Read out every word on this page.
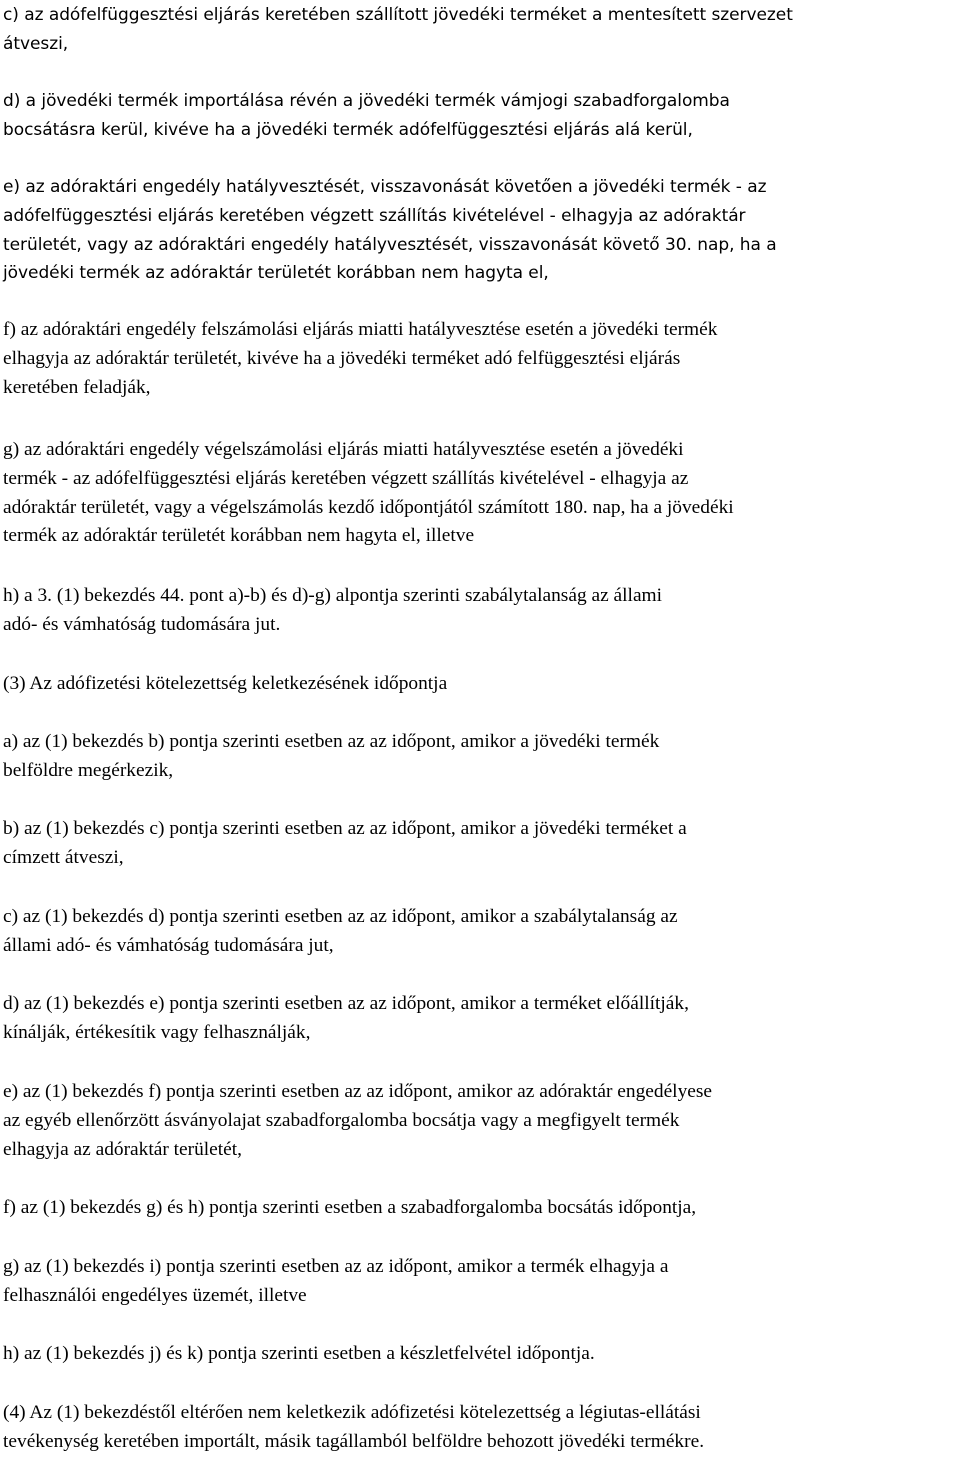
c) az adófelfüggesztési eljárás keretében szállított jövedéki terméket a mentesített szervezet
átveszi,
d) a jövedéki termék importálása révén a jövedéki termék vámjogi szabadforgalomba
bocsátásra kerül, kivéve ha a jövedéki termék adófelfüggesztési eljárás alá kerül,
e) az adóraktári engedély hatályvesztését, visszavonását követően a jövedéki termék - az
adófelfüggesztési eljárás keretében végzett szállítás kivételével - elhagyja az adóraktár
területét, vagy az adóraktári engedély hatályvesztését, visszavonását követő 30. nap, ha a
jövedéki termék az adóraktár területét korábban nem hagyta el,
f) az adóraktári engedély felszámolási eljárás miatti hatályvesztése esetén a jövedéki termék
elhagyja az adóraktár területét, kivéve ha a jövedéki terméket adó felfüggesztési eljárás
keretében feladják,
g) az adóraktári engedély végelszámolási eljárás miatti hatályvesztése esetén a jövedéki
termék - az adófelfüggesztési eljárás keretében végzett szállítás kivételével - elhagyja az
adóraktár területét, vagy a végelszámolás kezdő időpontjától számított 180. nap, ha a jövedéki
termék az adóraktár területét korábban nem hagyta el, illetve
h) a 3. (1) bekezdés 44. pont a)-b) és d)-g) alpontja szerinti szabálytalanság az állami
adó- és vámhatóság tudomására jut.
(3) Az adófizetési kötelezettség keletkezésének időpontja
a) az (1) bekezdés b) pontja szerinti esetben az az időpont, amikor a jövedéki termék
belföldre megérkezik,
b) az (1) bekezdés c) pontja szerinti esetben az az időpont, amikor a jövedéki terméket a
címzett átveszi,
c) az (1) bekezdés d) pontja szerinti esetben az az időpont, amikor a szabálytalanság az
állami adó- és vámhatóság tudomására jut,
d) az (1) bekezdés e) pontja szerinti esetben az az időpont, amikor a terméket előállítják,
kínálják, értékesítik vagy felhasználják,
e) az (1) bekezdés f) pontja szerinti esetben az az időpont, amikor az adóraktár engedélyese
az egyéb ellenőrzött ásványolajat szabadforgalomba bocsátja vagy a megfigyelt termék
elhagyja az adóraktár területét,
f) az (1) bekezdés g) és h) pontja szerinti esetben a szabadforgalomba bocsátás időpontja,
g) az (1) bekezdés i) pontja szerinti esetben az az időpont, amikor a termék elhagyja a
felhasználói engedélyes üzemét, illetve
h) az (1) bekezdés j) és k) pontja szerinti esetben a készletfelvétel időpontja.
(4) Az (1) bekezdéstől eltérően nem keletkezik adófizetési kötelezettség a légiutas-ellátási
tevékenység keretében importált, másik tagállamból belföldre behozott jövedéki termékre.
